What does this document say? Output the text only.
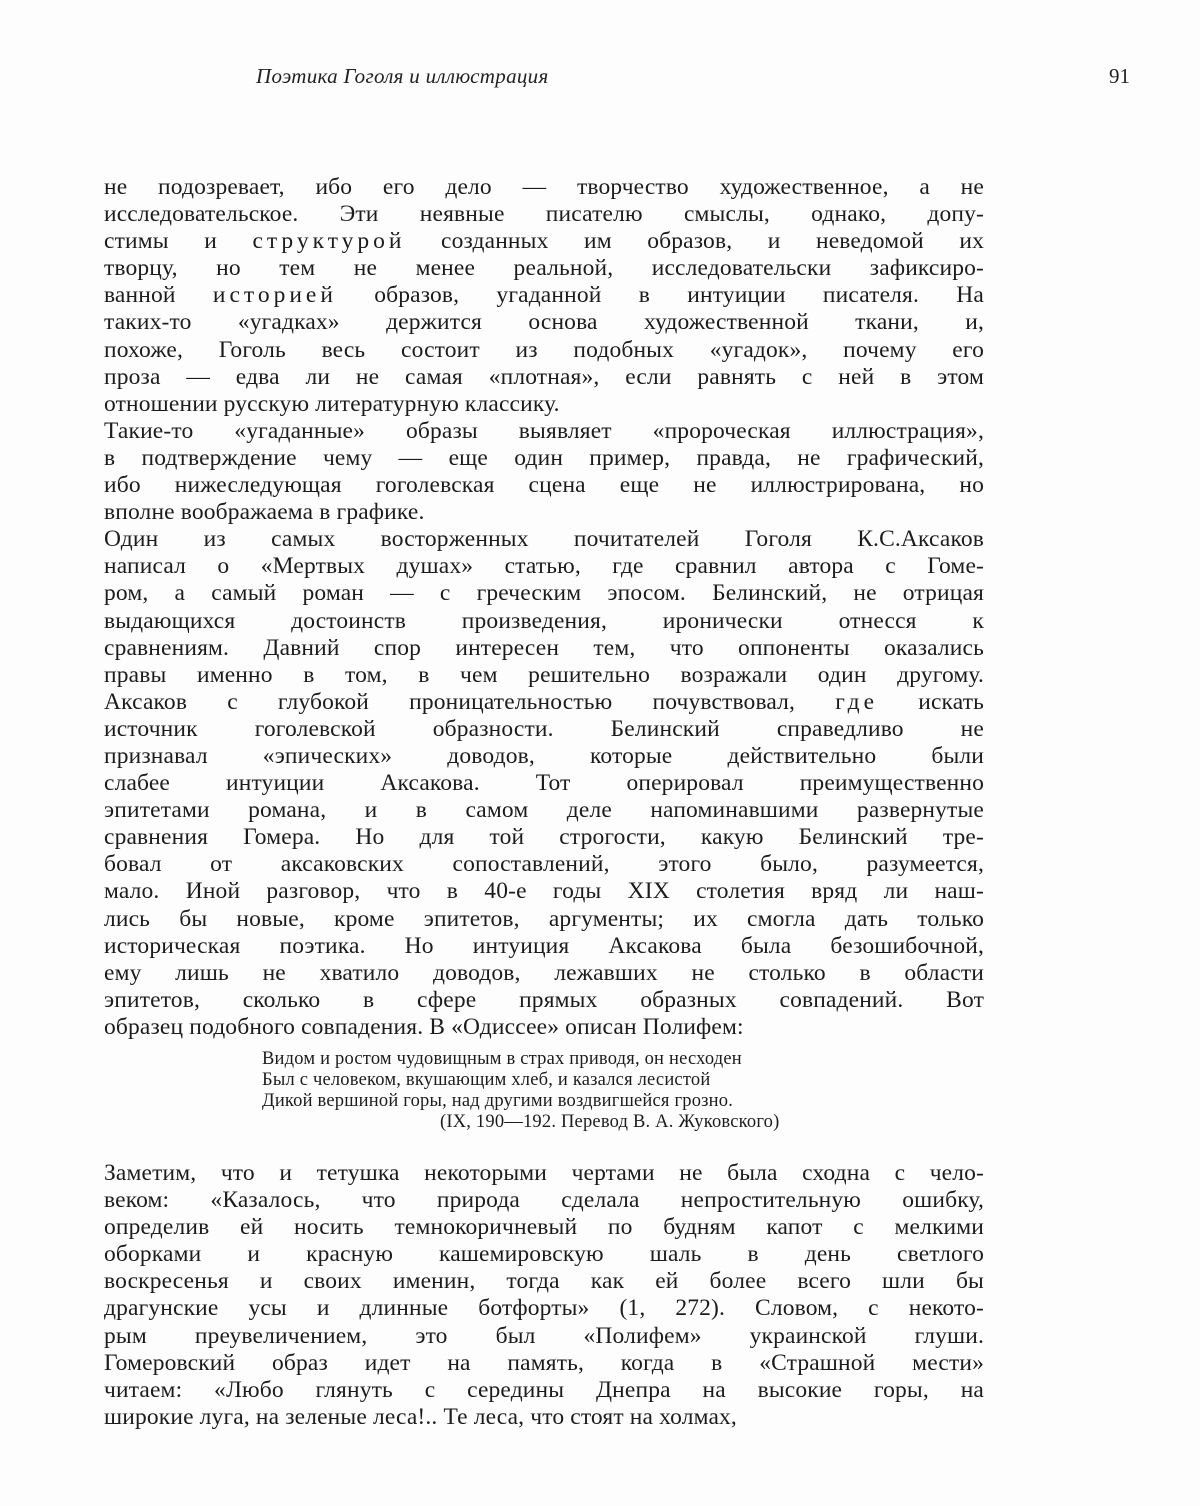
Поэтика Гоголя и иллюстрация	91
не подозревает, ибо его дело — творчество художественное, а не
исследовательское. Эти неявные писателю смыслы, однако, допу-
стимы и структурой созданных им образов, и неведомой их
творцу, но тем не менее реальной, исследовательски зафиксиро-
ванной историей образов, угаданной в интуиции писателя. На
таких-то «угадках» держится основа художественной ткани, и,
похоже, Гоголь весь состоит из подобных «угадок», почему его
проза — едва ли не самая «плотная», если равнять с ней в этом
отношении русскую литературную классику.
Такие-то «угаданные» образы выявляет «пророческая иллюстрация»,
в подтверждение чему — еще один пример, правда, не графический,
ибо нижеследующая гоголевская сцена еще не иллюстрирована, но
вполне воображаема в графике.
Один из самых восторженных почитателей Гоголя К.С.Аксаков
написал о «Мертвых душах» статью, где сравнил автора с Гоме-
ром, а самый роман — с греческим эпосом. Белинский, не отрицая
выдающихся достоинств произведения, иронически отнесся к
сравнениям. Давний спор интересен тем, что оппоненты оказались
правы именно в том, в чем решительно возражали один другому.
Аксаков с глубокой проницательностью почувствовал, где искать
источник гоголевской образности. Белинский справедливо не
признавал «эпических» доводов, которые действительно были
слабее интуиции Аксакова. Тот оперировал преимущественно
эпитетами романа, и в самом деле напоминавшими развернутые
сравнения Гомера. Но для той строгости, какую Белинский тре-
бовал от аксаковских сопоставлений, этого было, разумеется,
мало. Иной разговор, что в 40-е годы XIX столетия вряд ли наш-
лись бы новые, кроме эпитетов, аргументы; их смогла дать только
историческая поэтика. Но интуиция Аксакова была безошибочной,
ему лишь не хватило доводов, лежавших не столько в области
эпитетов, сколько в сфере прямых образных совпадений. Вот
образец подобного совпадения. В «Одиссее» описан Полифем:
Видом и ростом чудовищным в страх приводя, он несходен
Был с человеком, вкушающим хлеб, и казался лесистой
Дикой вершиной горы, над другими воздвигшейся грозно.
(IX, 190—192. Перевод В. А. Жуковского)
Заметим, что и тетушка некоторыми чертами не была сходна с чело-
веком: «Казалось, что природа сделала непростительную ошибку,
определив ей носить темнокоричневый по будням капот с мелкими
оборками и красную кашемировскую шаль в день светлого
воскресенья и своих именин, тогда как ей более всего шли бы
драгунские усы и длинные ботфорты» (1, 272). Словом, с некото-
рым преувеличением, это был «Полифем» украинской глуши.
Гомеровский образ идет на память, когда в «Страшной мести»
читаем: «Любо глянуть с середины Днепра на высокие горы, на
широкие луга, на зеленые леса!.. Те леса, что стоят на холмах,
